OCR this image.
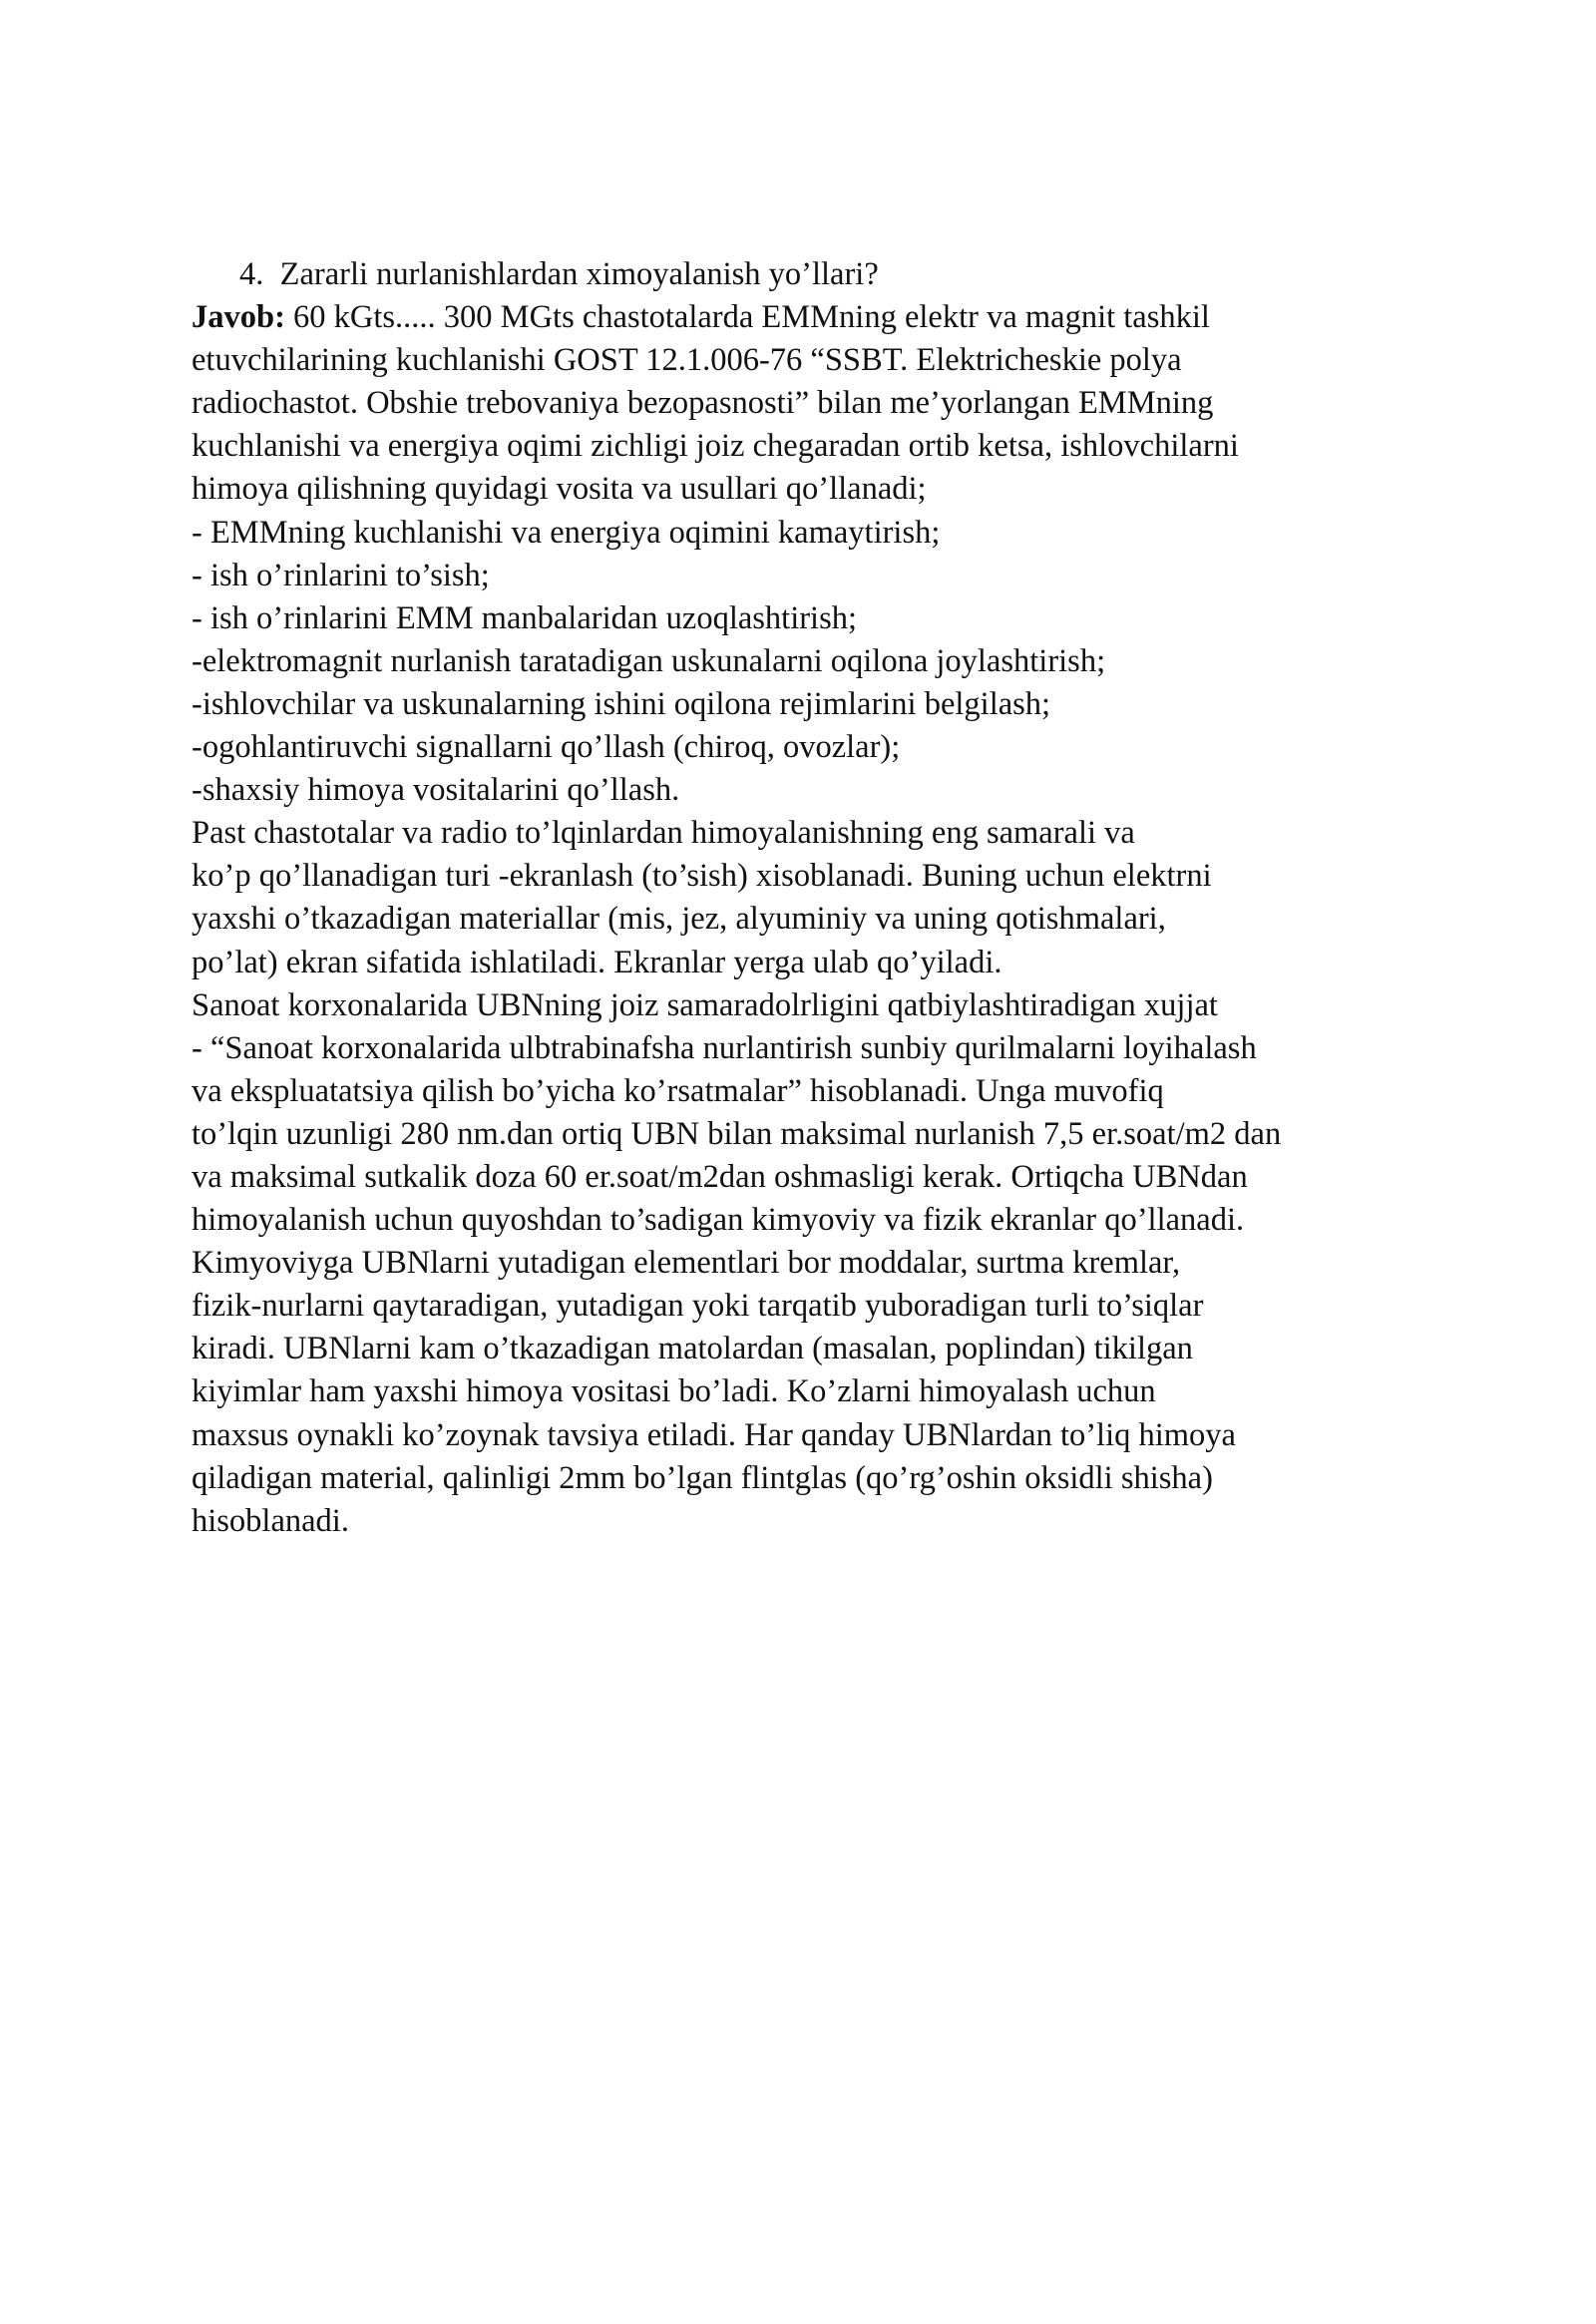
4. Zararli nurlanishlardan ximoyalanish yo’llari?
Javob: 60 kGts..... 300 MGts chastotalarda EMMning elektr va magnit tashkil
etuvchilarining kuchlanishi GOST 12.1.006-76 “SSBT. Elektricheskie polya
radiochastot. Obshie trebovaniya bezopasnosti” bilan me’yorlangan EMMning
kuchlanishi va energiya oqimi zichligi joiz chegaradan ortib ketsa, ishlovchilarni
himoya qilishning quyidagi vosita va usullari qo’llanadi;
- EMMning kuchlanishi va energiya oqimini kamaytirish;
- ish o’rinlarini to’sish;
- ish o’rinlarini EMM manbalaridan uzoqlashtirish;
-elektromagnit nurlanish taratadigan uskunalarni oqilona joylashtirish;
-ishlovchilar va uskunalarning ishini oqilona rejimlarini belgilash;
-ogohlantiruvchi signallarni qo’llash (chiroq, ovozlar);
-shaxsiy himoya vositalarini qo’llash.
Past chastotalar va radio to’lqinlardan himoyalanishning eng samarali va
ko’p qo’llanadigan turi -ekranlash (to’sish) xisoblanadi. Buning uchun elektrni
yaxshi o’tkazadigan materiallar (mis, jez, alyuminiy va uning qotishmalari,
po’lat) ekran sifatida ishlatiladi. Ekranlar yerga ulab qo’yiladi.
Sanoat korxonalarida UBNning joiz samaradolrligini qatbiylashtiradigan xujjat
- “Sanoat korxonalarida ulbtrabinafsha nurlantirish sunbiy qurilmalarni loyihalash
va ekspluatatsiya qilish bo’yicha ko’rsatmalar” hisoblanadi. Unga muvofiq
to’lqin uzunligi 280 nm.dan ortiq UBN bilan maksimal nurlanish 7,5 er.soat/m2 dan
va maksimal sutkalik doza 60 er.soat/m2dan oshmasligi kerak. Ortiqcha UBNdan
himoyalanish uchun quyoshdan to’sadigan kimyoviy va fizik ekranlar qo’llanadi.
Kimyoviyga UBNlarni yutadigan elementlari bor moddalar, surtma kremlar,
fizik-nurlarni qaytaradigan, yutadigan yoki tarqatib yuboradigan turli to’siqlar
kiradi. UBNlarni kam o’tkazadigan matolardan (masalan, poplindan) tikilgan
kiyimlar ham yaxshi himoya vositasi bo’ladi. Ko’zlarni himoyalash uchun
maxsus oynakli ko’zoynak tavsiya etiladi. Har qanday UBNlardan to’liq himoya
qiladigan material, qalinligi 2mm bo’lgan flintglas (qo’rg’oshin oksidli shisha)
hisoblanadi.
